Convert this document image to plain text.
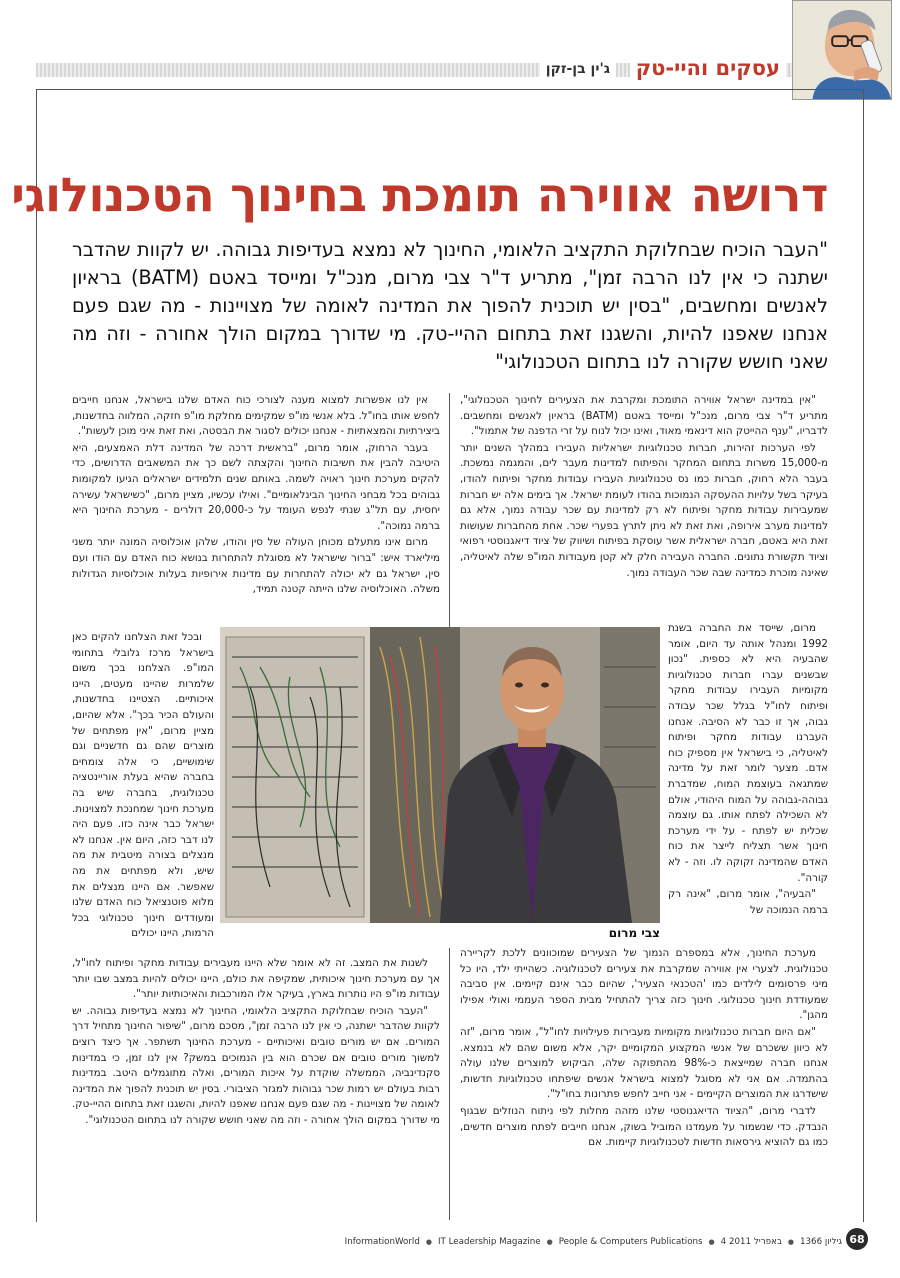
עסקים והיי-טק
ג'ין בן-זקן
דרושה אווירה תומכת בחינוך הטכנולוגי

"העבר הוכיח שבחלוקת התקציב הלאומי, החינוך לא נמצא בעדיפות גבוהה. יש לקוות שהדבר ישתנה כי אין לנו הרבה זמן", מתריע ד"ר צבי מרום, מנכ"ל ומייסד באטם (BATM) בראיון לאנשים ומחשבים, "בסין יש תוכנית להפוך את המדינה לאומה של מצויינות - מה שגם פעם אנחנו שאפנו להיות, והשגנו זאת בתחום ההיי-טק. מי שדורך במקום הולך אחורה - וזה מה שאני חושש שקורה לנו בתחום הטכנולוגי"

"אין במדינה ישראל אווירה התומכת ומקרבת את הצעירים לחינוך הטכנולוגי", מתריע ד"ר צבי מרום, מנכ"ל ומייסד באטם (BATM) בראיון לאנשים ומחשבים. לדבריו, "ענף ההייטק הוא דינאמי מאוד, ואינו יכול לנוח על זרי הדפנה של אתמול".

לפי הערכות זהירות, חברות טכנולוגיות ישראליות העבירו במהלך השנים יותר מ-15,000 משרות בתחום המחקר והפיתוח למדינות מעבר לים, והמגמה נמשכת. בעבר הלא רחוק, חברות כמו נס טכנולוגיות העבירו עבודות מחקר ופיתוח להודו, בעיקר בשל עלויות ההעסקה הנמוכות בהודו לעומת ישראל. אך בימים אלה יש חברות שמעבירות עבודות מחקר ופיתוח לא רק למדינות עם שכר עבודה נמוך, אלא גם למדינות מערב אירופה, ואת זאת לא ניתן לתרץ בפערי שכר. אחת מהחברות שעושות זאת היא באטם, חברה ישראלית אשר עוסקת בפיתוח ושיווק של ציוד דיאגנוסטי רפואי וציוד תקשורת נתונים. החברה העבירה חלק לא קטן מעבודות המו"פ שלה לאיטליה, שאינה מוכרת כמדינה שבה שכר העבודה נמוך.

מרום, שייסד את החברה בשנת 1992 ומנהל אותה עד היום, אומר שהבעיה היא לא כספית. "נכון שבשנים עברו חברות טכנולוגיות מקומיות העבירו עבודות מחקר ופיתוח לחו"ל בגלל שכר עבודה גבוה, אך זו כבר לא הסיבה. אנחנו העברנו עבודות מחקר ופיתוח לאיטליה, כי בישראל אין מספיק כוח אדם. מצער לומר זאת על מדינה שמתגאה בעוצמת המוח, שמדברת גבוהה-גבוהה על המוח היהודי, אולם לא השכילה לפתח אותו. גם עוצמה שכלית יש לפתח - על ידי מערכת חינוך אשר תצליח לייצר את כוח האדם שהמדינה זקוקה לו. וזה - לא קורה".

"הבעיה", אומר מרום, "אינה רק ברמה הנמוכה של

מערכת החינוך, אלא במספרם הנמוך של הצעירים שמוכוונים ללכת לקריירה טכנולוגית. לצערי אין אווירה שמקרבת את צעירים לטכנולוגיה. כשהייתי ילד, היו כל מיני פרסומים לילדים כמו 'הטכנאי הצעיר', שהיום כבר אינם קיימים. אין סביבה שמעודדת חינוך טכנולוגי. חינוך כזה צריך להתחיל מבית הספר העממי ואולי אפילו מהגן".

"אם היום חברות טכנולוגיות מקומיות מעבירות פעילויות לחו"ל", אומר מרום, "זה לא כיוון ששכרם של אנשי המקצוע המקומיים יקר, אלא משום שהם לא בנמצא. אנחנו חברה שמייצאת כ-98% מהתפוקה שלה, הביקוש למוצרים שלנו עולה בהתמדה. אם אני לא מסוגל למצוא בישראל אנשים שיפתחו טכנולוגיות חדשות, שישדרגו את המוצרים הקיימים - אני חייב לחפש פתרונות בחו"ל".

לדברי מרום, "הציוד הדיאגנוסטי שלנו מזהה מחלות לפי ניתוח הנוזלים שבגוף הנבדק. כדי שנשמור על מעמדנו המוביל בשוק, אנחנו חייבים לפתח מוצרים חדשים, כמו גם להוציא גירסאות חדשות לטכנולוגיות קיימות. אם

אין לנו אפשרות למצוא מענה לצורכי כוח האדם שלנו בישראל, אנחנו חייבים לחפש אותו בחו"ל. בלא אנשי מו"פ שמקימים מחלקת מו"פ חזקה, המלווה בחדשנות, ביצירתיות והמצאתיות - אנחנו יכולים לסגור את הבסטה, ואת זאת איני מוכן לעשות".

בעבר הרחוק, אומר מרום, "בראשית דרכה של המדינה דלת האמצעים, היא היטיבה להבין את חשיבות החינוך והקצתה לשם כך את המשאבים הדרושים, כדי להקים מערכת חינוך ראויה לשמה. באותם שנים תלמידים ישראלים הגיעו למקומות גבוהים בכל מבחני החינוך הבינלאומיים". ואילו עכשיו, מציין מרום, "כשישראל עשירה יחסית, עם תל"ג שנתי לנפש העומד על כ-20,000 דולרים - מערכת החינוך היא ברמה נמוכה".

מרום אינו מתעלם מכוחן העולה של סין והודו, שלהן אוכלוסיה המונה יותר משני מיליארד איש: "ברור שישראל לא מסוגלת להתחרות בנושא כוח האדם עם הודו ועם סין, ישראל גם לא יכולה להתחרות עם מדינות אירופיות בעלות אוכלוסיות הגדולות משלה. האוכלוסיה שלנו הייתה קטנה תמיד,

ובכל זאת הצלחנו להקים כאן בישראל מרכז גלובלי בתחומי המו"פ. הצלחנו בכך משום שלמרות שהיינו מעטים, היינו איכותיים. הצטיינו בחדשנות, והעולם הכיר בכך". אלא שהיום, מציין מרום, "אין מפתחים של מוצרים שהם גם חדשניים וגם שימושיים, כי אלה צומחים בחברה שהיא בעלת אוריינטציה טכנולוגית, בחברה שיש בה מערכת חינוך שמחנכת למצוינות. ישראל כבר אינה כזו. פעם היה לנו דבר כזה, היום אין. אנחנו לא מנצלים בצורה מיטבית את מה שיש, ולא מפתחים את מה שאפשר. אם היינו מנצלים את מלוא פוטנציאל כוח האדם שלנו ומעודדים חינוך טכנולוגי בכל הרמות, היינו יכולים

לשנות את המצב. זה לא אומר שלא היינו מעבירים עבודות מחקר ופיתוח לחו"ל, אך עם מערכת חינוך איכותית, שמקיפה את כולם, היינו יכולים להיות במצב שבו יותר עבודות מו"פ היו נותרות בארץ, בעיקר אלו המורכבות והאיכותיות יותר".

"העבר הוכיח שבחלוקת התקציב הלאומי, החינוך לא נמצא בעדיפות גבוהה. יש לקוות שהדבר ישתנה, כי אין לנו הרבה זמן", מסכם מרום, "שיפור החינוך מתחיל דרך המורים. אם יש מורים טובים ואיכותיים - מערכת החינוך תשתפר. אך כיצד רוצים למשוך מורים טובים אם שכרם הוא בין הנמוכים במשק? אין לנו זמן, כי במדינות סקנדינביה, הממשלה שוקדת על איכות המורים, ואלה מתוגמלים היטב. במדינות רבות בעולם יש רמות שכר גבוהות למגזר הציבורי. בסין יש תוכנית להפוך את המדינה לאומה של מצויינות - מה שגם פעם אנחנו שאפנו להיות, והשגנו זאת בתחום ההיי-טק. מי שדורך במקום הולך אחורה - וזה מה שאני חושש שקורה לנו בתחום הטכנולוגי".

צבי מרום
68
גיליון 1366
●
4 באפריל 2011
●
People & Computers Publications
●
IT Leadership Magazine
●
InformationWorld
